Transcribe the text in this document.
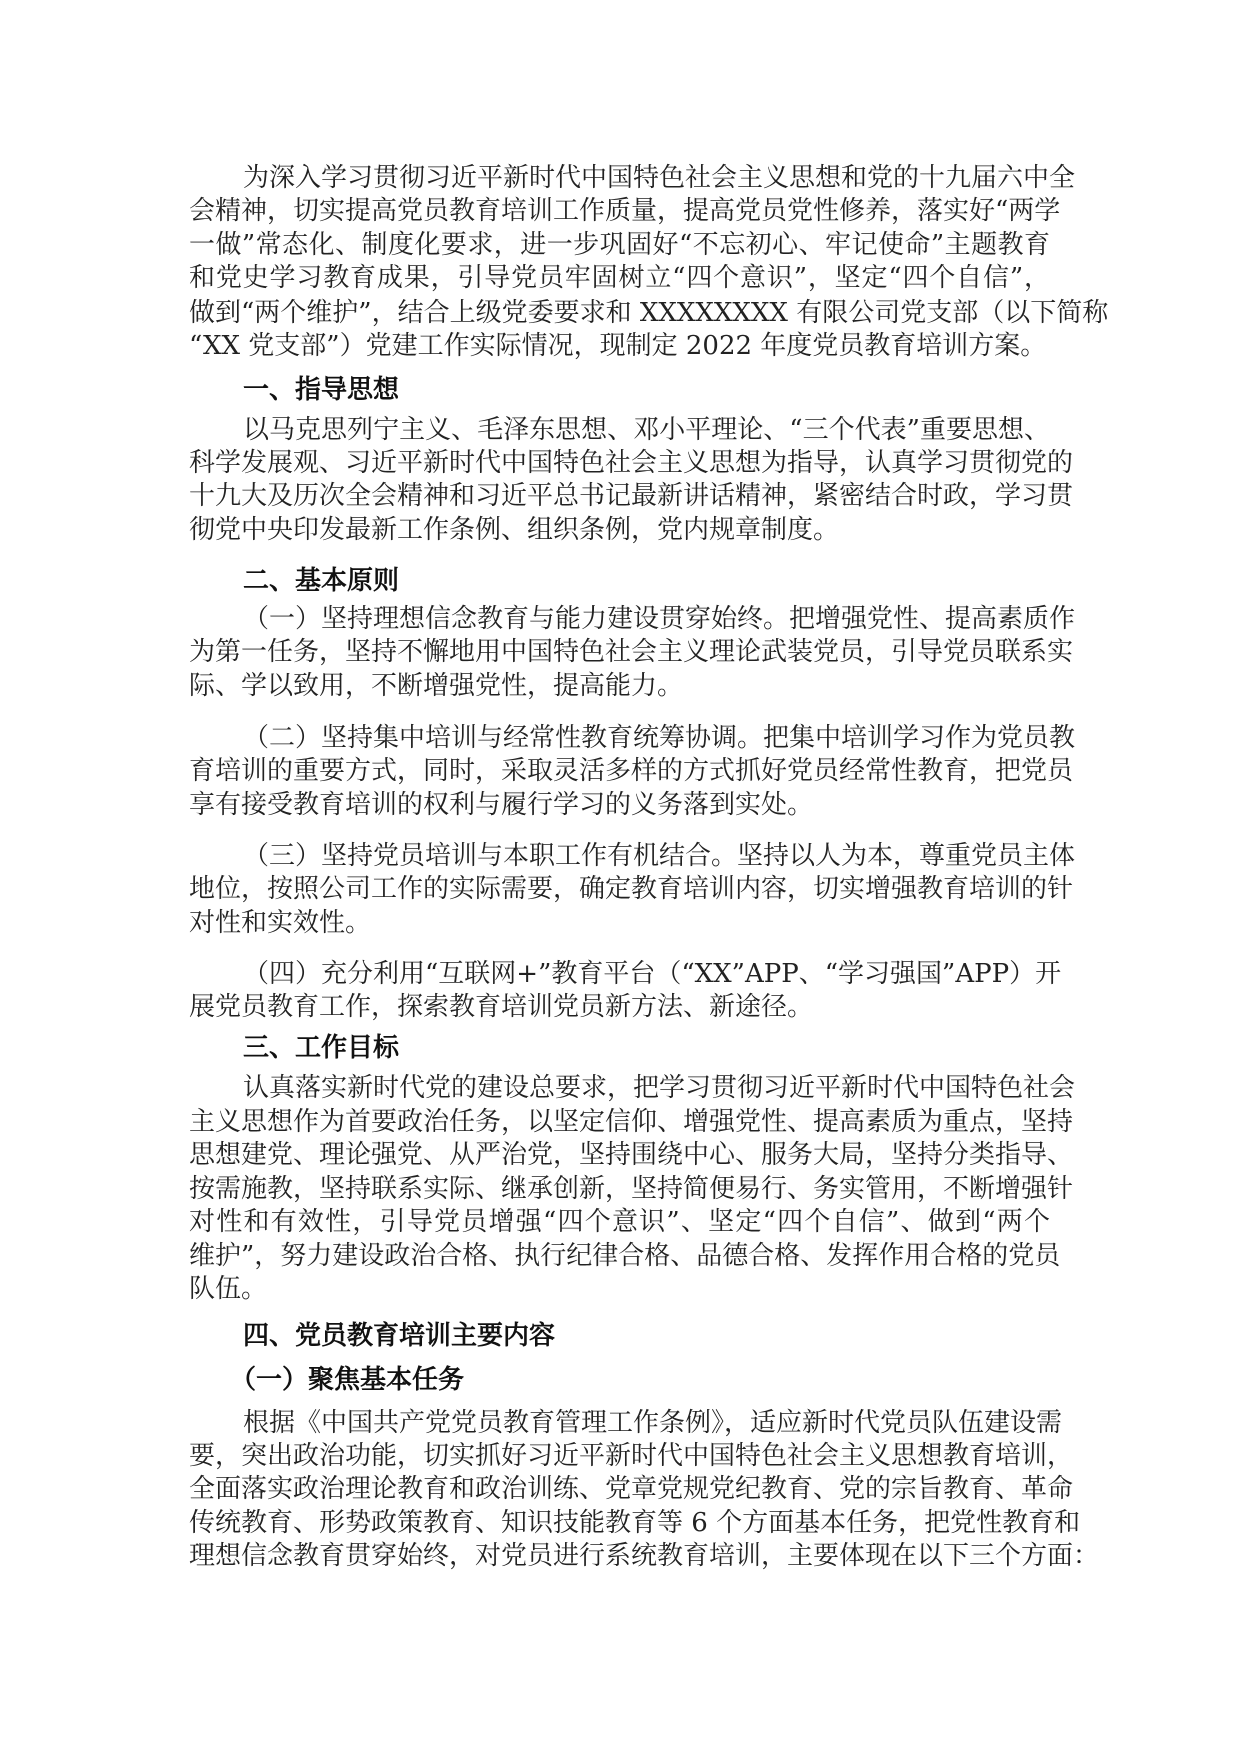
为深入学习贯彻习近平新时代中国特色社会主义思想和党的十九届六中全
会精神，切实提高党员教育培训工作质量，提高党员党性修养，落实好“两学
一做”常态化、制度化要求，进一步巩固好“不忘初心、牢记使命”主题教育
和党史学习教育成果，引导党员牢固树立“四个意识”，坚定“四个自信”，
做到“两个维护”，结合上级党委要求和 XXXXXXXX 有限公司党支部（以下简称
“XX 党支部”）党建工作实际情况，现制定 2022 年度党员教育培训方案。
一、指导思想
以马克思列宁主义、毛泽东思想、邓小平理论、“三个代表”重要思想、
科学发展观、习近平新时代中国特色社会主义思想为指导，认真学习贯彻党的
十九大及历次全会精神和习近平总书记最新讲话精神，紧密结合时政，学习贯
彻党中央印发最新工作条例、组织条例，党内规章制度。
二、基本原则
（一）坚持理想信念教育与能力建设贯穿始终。把增强党性、提高素质作
为第一任务，坚持不懈地用中国特色社会主义理论武装党员，引导党员联系实
际、学以致用，不断增强党性，提高能力。
（二）坚持集中培训与经常性教育统筹协调。把集中培训学习作为党员教
育培训的重要方式，同时，采取灵活多样的方式抓好党员经常性教育，把党员
享有接受教育培训的权利与履行学习的义务落到实处。
（三）坚持党员培训与本职工作有机结合。坚持以人为本，尊重党员主体
地位，按照公司工作的实际需要，确定教育培训内容，切实增强教育培训的针
对性和实效性。
（四）充分利用“互联网+”教育平台（“XX”APP、“学习强国”APP）开
展党员教育工作，探索教育培训党员新方法、新途径。
三、工作目标
认真落实新时代党的建设总要求，把学习贯彻习近平新时代中国特色社会
主义思想作为首要政治任务，以坚定信仰、增强党性、提高素质为重点，坚持
思想建党、理论强党、从严治党，坚持围绕中心、服务大局，坚持分类指导、
按需施教，坚持联系实际、继承创新，坚持简便易行、务实管用，不断增强针
对性和有效性，引导党员增强“四个意识”、坚定“四个自信”、做到“两个
维护”，努力建设政治合格、执行纪律合格、品德合格、发挥作用合格的党员
队伍。
四、党员教育培训主要内容
（一）聚焦基本任务
根据《中国共产党党员教育管理工作条例》，适应新时代党员队伍建设需
要，突出政治功能，切实抓好习近平新时代中国特色社会主义思想教育培训，
全面落实政治理论教育和政治训练、党章党规党纪教育、党的宗旨教育、革命
传统教育、形势政策教育、知识技能教育等 6 个方面基本任务，把党性教育和
理想信念教育贯穿始终，对党员进行系统教育培训，主要体现在以下三个方面：
